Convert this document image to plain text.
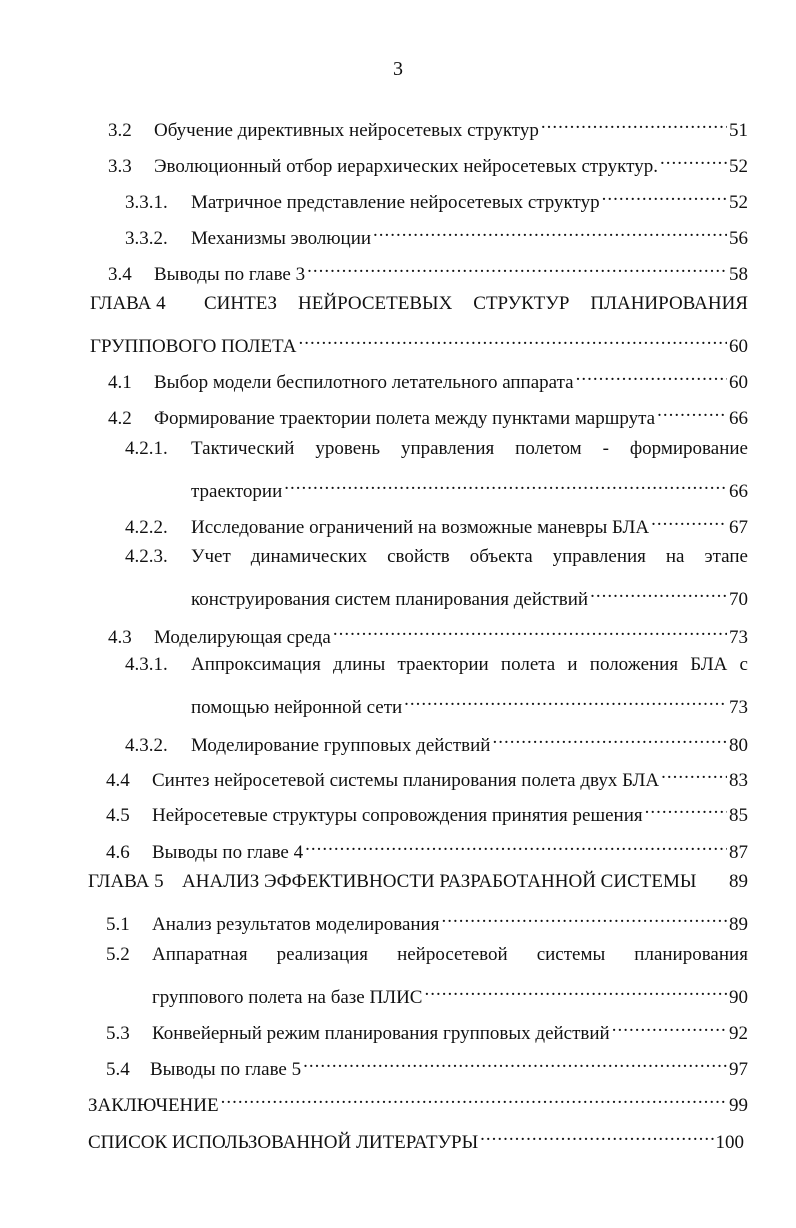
3
3.2	Обучение директивных нейросетевых структур .....	51
3.3	Эволюционный отбор иерархических нейросетевых структур. .....	52
3.3.1.	Матричное представление нейросетевых структур .....	52
3.3.2.	Механизмы эволюции .....	56
3.4	Выводы по главе 3 .....	58
ГЛАВА 4	СИНТЕЗ НЕЙРОСЕТЕВЫХ СТРУКТУР ПЛАНИРОВАНИЯ
ГРУППОВОГО ПОЛЕТА .....	60
4.1	Выбор модели беспилотного летательного аппарата .....	60
4.2	Формирование траектории полета между пунктами маршрута .....	66
4.2.1.	Тактический уровень управления полетом - формирование
траектории .....	66
4.2.2.	Исследование ограничений на возможные маневры БЛА .....	67
4.2.3.	Учет динамических свойств объекта управления на этапе
конструирования систем планирования действий .....	70
4.3	Моделирующая среда .....	73
4.3.1.	Аппроксимация длины траектории полета и положения БЛА с
помощью нейронной сети .....	73
4.3.2.	Моделирование групповых действий .....	80
4.4	Синтез нейросетевой системы планирования полета двух БЛА .....	83
4.5	Нейросетевые структуры сопровождения принятия решения .....	85
4.6	Выводы по главе 4 .....	87
ГЛАВА 5 АНАЛИЗ ЭФФЕКТИВНОСТИ РАЗРАБОТАННОЙ СИСТЕМЫ	89
5.1	Анализ результатов моделирования .....	89
5.2	Аппаратная реализация нейросетевой системы планирования
группового полета на базе ПЛИС .....	90
5.3	Конвейерный режим планирования групповых действий .....	92
5.4	Выводы по главе 5 .....	97
ЗАКЛЮЧЕНИЕ .....	99
СПИСОК ИСПОЛЬЗОВАННОЙ ЛИТЕРАТУРЫ .....	100
